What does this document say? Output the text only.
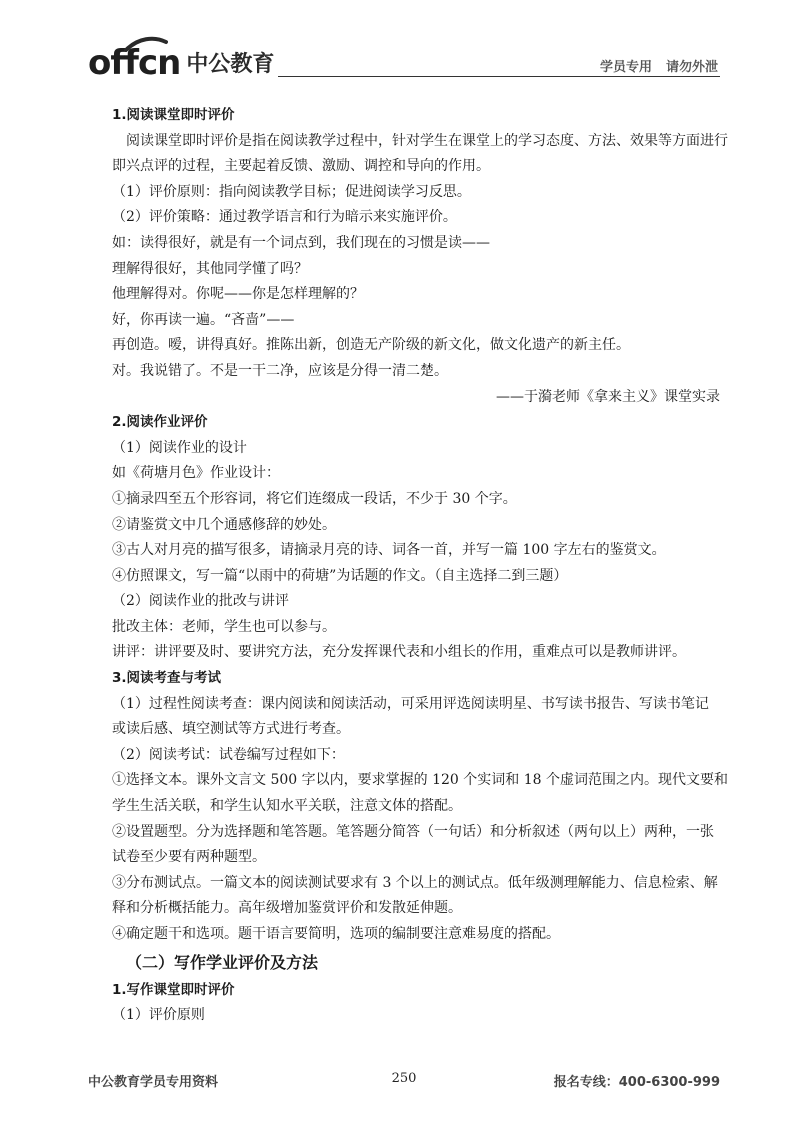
offcn 中公教育	学员专用 请勿外泄
1.阅读课堂即时评价
阅读课堂即时评价是指在阅读教学过程中，针对学生在课堂上的学习态度、方法、效果等方面进行
即兴点评的过程，主要起着反馈、激励、调控和导向的作用。
（1）评价原则：指向阅读教学目标；促进阅读学习反思。
（2）评价策略：通过教学语言和行为暗示来实施评价。
如：读得很好，就是有一个词点到，我们现在的习惯是读——
理解得很好，其他同学懂了吗？
他理解得对。你呢——你是怎样理解的？
好，你再读一遍。“吝啬”——
再创造。嗳，讲得真好。推陈出新，创造无产阶级的新文化，做文化遗产的新主任。
对。我说错了。不是一干二净，应该是分得一清二楚。
——于漪老师《拿来主义》课堂实录
2.阅读作业评价
（1）阅读作业的设计
如《荷塘月色》作业设计：
①摘录四至五个形容词，将它们连缀成一段话，不少于 30 个字。
②请鉴赏文中几个通感修辞的妙处。
③古人对月亮的描写很多，请摘录月亮的诗、词各一首，并写一篇 100 字左右的鉴赏文。
④仿照课文，写一篇“以雨中的荷塘”为话题的作文。（自主选择二到三题）
（2）阅读作业的批改与讲评
批改主体：老师，学生也可以参与。
讲评：讲评要及时、要讲究方法，充分发挥课代表和小组长的作用，重难点可以是教师讲评。
3.阅读考查与考试
（1）过程性阅读考查：课内阅读和阅读活动，可采用评选阅读明星、书写读书报告、写读书笔记
或读后感、填空测试等方式进行考查。
（2）阅读考试：试卷编写过程如下：
①选择文本。课外文言文 500 字以内，要求掌握的 120 个实词和 18 个虚词范围之内。现代文要和
学生生活关联，和学生认知水平关联，注意文体的搭配。
②设置题型。分为选择题和笔答题。笔答题分简答（一句话）和分析叙述（两句以上）两种，一张
试卷至少要有两种题型。
③分布测试点。一篇文本的阅读测试要求有 3 个以上的测试点。低年级测理解能力、信息检索、解
释和分析概括能力。高年级增加鉴赏评价和发散延伸题。
④确定题干和选项。题干语言要简明，选项的编制要注意难易度的搭配。
（二）写作学业评价及方法
1.写作课堂即时评价
（1）评价原则
中公教育学员专用资料	250	报名专线：400-6300-999
